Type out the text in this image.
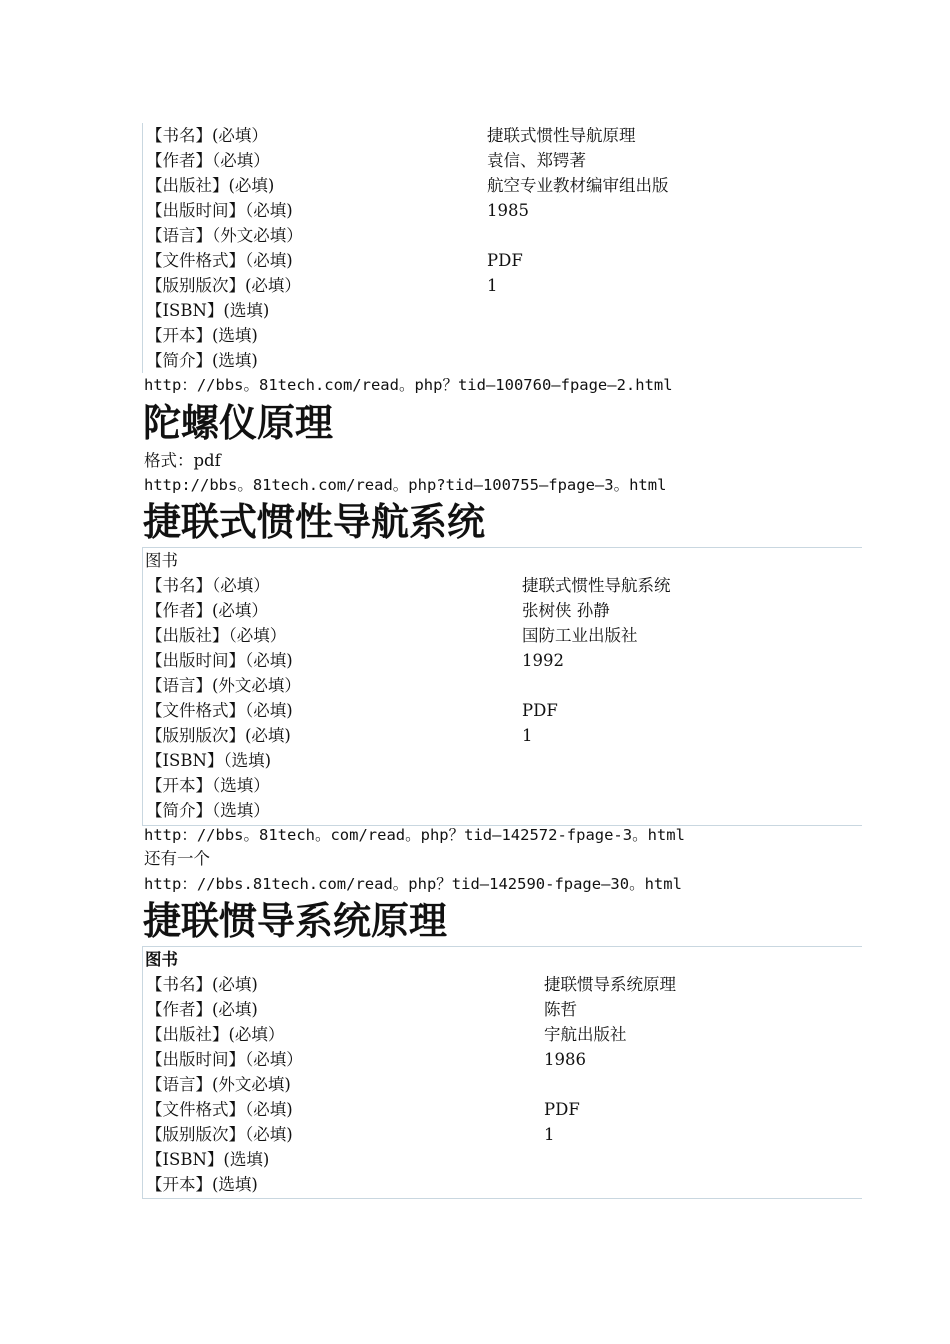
【书名】(必填）	捷联式惯性导航原理
【作者】（必填）	袁信、郑锷著
【出版社】(必填)	航空专业教材编审组出版
【出版时间】（必填)	1985
【语言】（外文必填）
【文件格式】（必填)	PDF
【版别版次】(必填）	1
【ISBN】(选填)
【开本】(选填)
【简介】(选填)
http：//bbs。81tech.com/read。php？tid—100760—fpage—2.html
陀螺仪原理
格式：pdf
http://bbs。81tech.com/read。php?tid—100755—fpage—3。html
捷联式惯性导航系统
图书
【书名】（必填）	捷联式惯性导航系统
【作者】(必填）	张树侠 孙静
【出版社】（必填）	国防工业出版社
【出版时间】（必填)	1992
【语言】(外文必填）
【文件格式】（必填)	PDF
【版别版次】(必填)	1
【ISBN】（选填)
【开本】（选填）
【简介】（选填）
http：//bbs。81tech。com/read。php？tid—142572-fpage-3。html
还有一个
http：//bbs.81tech.com/read。php？tid—142590-fpage—30。html
捷联惯导系统原理
图书
【书名】(必填)	捷联惯导系统原理
【作者】(必填)	陈哲
【出版社】(必填）	宇航出版社
【出版时间】（必填）	1986
【语言】(外文必填)
【文件格式】（必填)	PDF
【版别版次】（必填)	1
【ISBN】(选填)
【开本】(选填)
